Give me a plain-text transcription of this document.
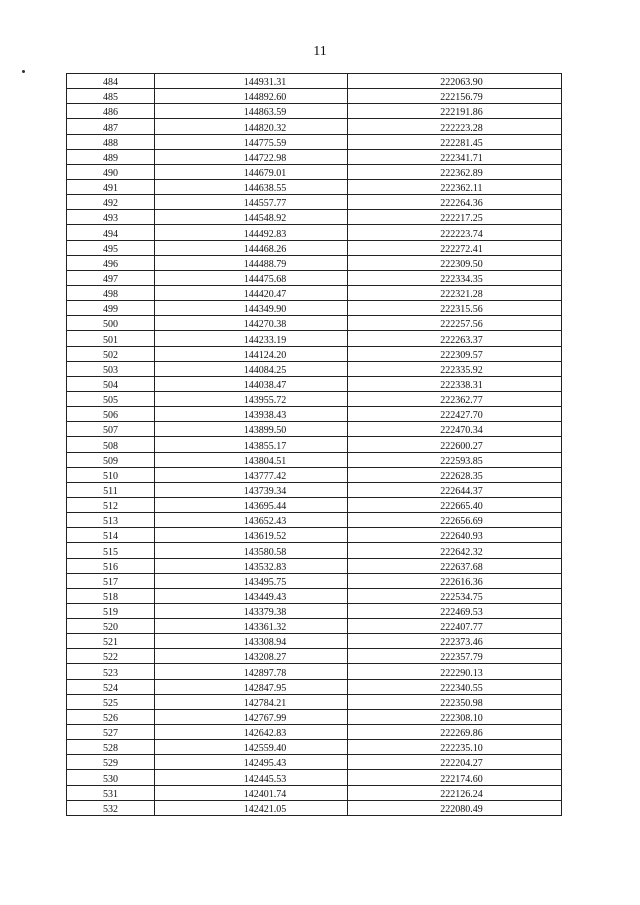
11
484	144931.31	222063.90
485	144892.60	222156.79
486	144863.59	222191.86
487	144820.32	222223.28
488	144775.59	222281.45
489	144722.98	222341.71
490	144679.01	222362.89
491	144638.55	222362.11
492	144557.77	222264.36
493	144548.92	222217.25
494	144492.83	222223.74
495	144468.26	222272.41
496	144488.79	222309.50
497	144475.68	222334.35
498	144420.47	222321.28
499	144349.90	222315.56
500	144270.38	222257.56
501	144233.19	222263.37
502	144124.20	222309.57
503	144084.25	222335.92
504	144038.47	222338.31
505	143955.72	222362.77
506	143938.43	222427.70
507	143899.50	222470.34
508	143855.17	222600.27
509	143804.51	222593.85
510	143777.42	222628.35
511	143739.34	222644.37
512	143695.44	222665.40
513	143652.43	222656.69
514	143619.52	222640.93
515	143580.58	222642.32
516	143532.83	222637.68
517	143495.75	222616.36
518	143449.43	222534.75
519	143379.38	222469.53
520	143361.32	222407.77
521	143308.94	222373.46
522	143208.27	222357.79
523	142897.78	222290.13
524	142847.95	222340.55
525	142784.21	222350.98
526	142767.99	222308.10
527	142642.83	222269.86
528	142559.40	222235.10
529	142495.43	222204.27
530	142445.53	222174.60
531	142401.74	222126.24
532	142421.05	222080.49
